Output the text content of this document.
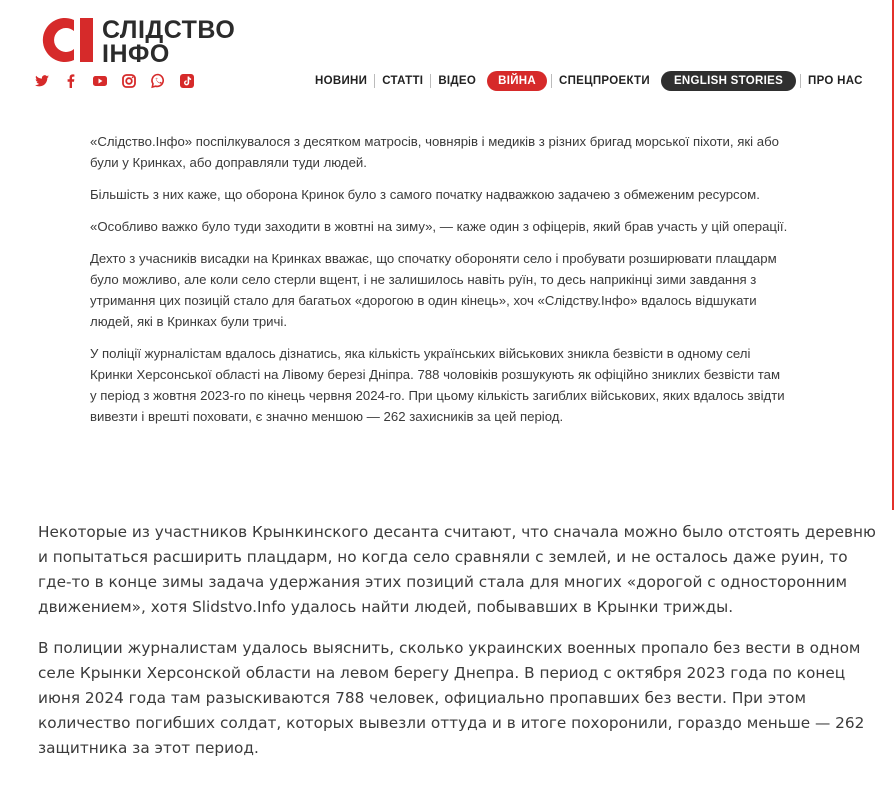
СЛІДСТВО
ІНФО
НОВИНИ	СТАТТІ	ВІДЕО	ВІЙНА	СПЕЦПРОЕКТИ	ENGLISH STORIES	ПРО НАС

«Слідство.Інфо» поспілкувалося з десятком матросів, човнярів і медиків з різних бригад морської піхоти, які або були у Кринках, або доправляли туди людей.

Більшість з них каже, що оборона Кринок було з самого початку надважкою задачею з обмеженим ресурсом.

«Особливо важко було туди заходити в жовтні на зиму», — каже один з офіцерів, який брав участь у цій операції.

Дехто з учасників висадки на Кринках вважає, що спочатку обороняти село і пробувати розширювати плацдарм було можливо, але коли село стерли вщент, і не залишилось навіть руїн, то десь наприкінці зими завдання з утримання цих позицій стало для багатьох «дорогою в один кінець», хоч «Слідству.Інфо» вдалось відшукати людей, які в Кринках були тричі.

У поліції журналістам вдалось дізнатись, яка кількість українських військових зникла безвісти в одному селі Кринки Херсонської області на Лівому березі Дніпра. 788 чоловіків розшукують як офіційно зниклих безвісти там у період з жовтня 2023-го по кінець червня 2024-го. При цьому кількість загиблих військових, яких вдалось звідти вивезти і врешті поховати, є значно меншою — 262 захисників за цей період.

Некоторые из участников Крынкинского десанта считают, что сначала можно было отстоять деревню и попытаться расширить плацдарм, но когда село сравняли с землей, и не осталось даже руин, то где-то в конце зимы задача удержания этих позиций стала для многих «дорогой с односторонним движением», хотя Slidstvo.Info удалось найти людей, побывавших в Крынки трижды.

В полиции журналистам удалось выяснить, сколько украинских военных пропало без вести в одном селе Крынки Херсонской области на левом берегу Днепра. В период с октября 2023 года по конец июня 2024 года там разыскиваются 788 человек, официально пропавших без вести. При этом количество погибших солдат, которых вывезли оттуда и в итоге похоронили, гораздо меньше — 262 защитника за этот период.
